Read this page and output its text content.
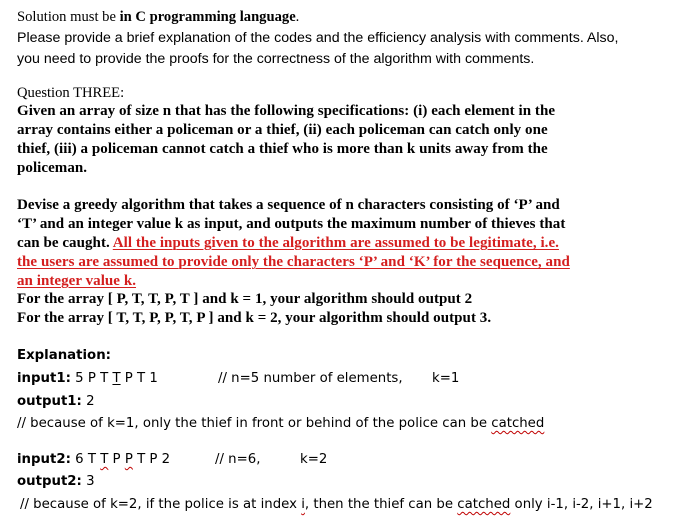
Solution must be in C programming language.
Please provide a brief explanation of the codes and the efficiency analysis with comments. Also,
you need to provide the proofs for the correctness of the algorithm with comments.
Question THREE:
Given an array of size n that has the following specifications: (i) each element in the
array contains either a policeman or a thief, (ii) each policeman can catch only one
thief, (iii) a policeman cannot catch a thief who is more than k units away from the
policeman.
Devise a greedy algorithm that takes a sequence of n characters consisting of ‘P’ and
‘T’ and an integer value k as input, and outputs the maximum number of thieves that
can be caught. All the inputs given to the algorithm are assumed to be legitimate, i.e.
the users are assumed to provide only the characters ‘P’ and ‘K’ for the sequence, and
an integer value k.
For the array [ P, T, T, P, T ] and k = 1, your algorithm should output 2
For the array [ T, T, P, P, T, P ] and k = 2, your algorithm should output 3.
Explanation:
input1: 5 P T T P T 1	// n=5 number of elements, k=1
output1: 2
// because of k=1, only the thief in front or behind of the police can be catched
input2: 6 T T P P T P 2	// n=6,	k=2
output2: 3
// because of k=2, if the police is at index i, then the thief can be catched only i-1, i-2, i+1, i+2
